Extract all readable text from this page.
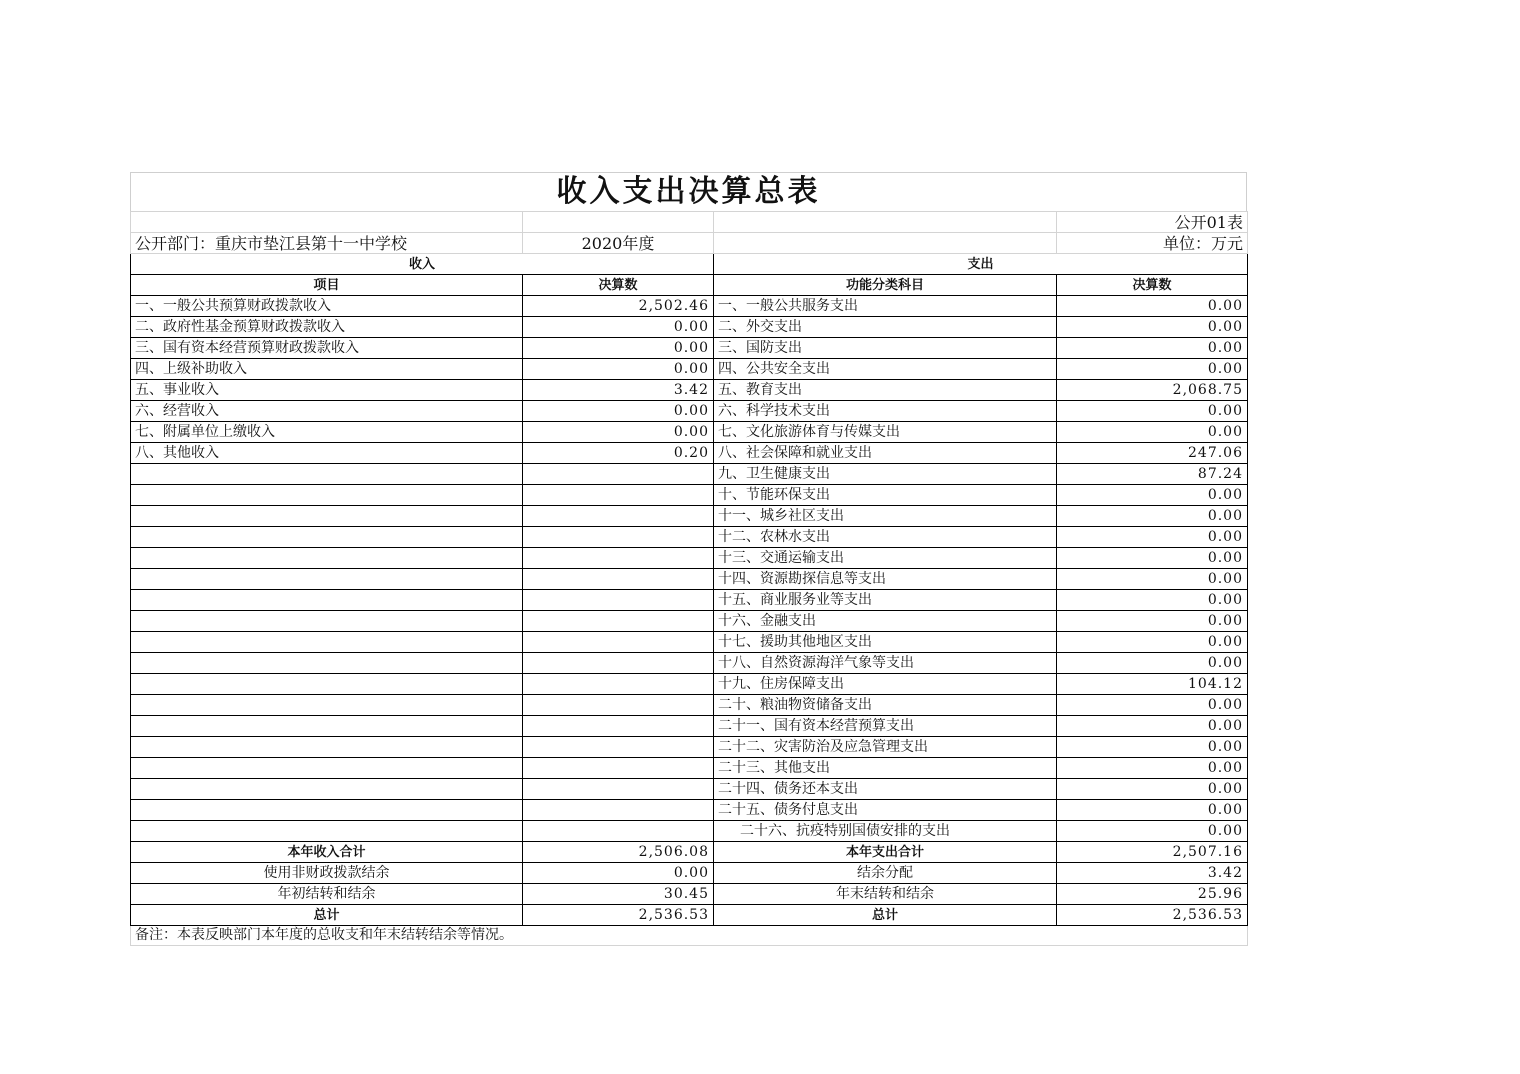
收入支出决算总表
			公开01表
公开部门：重庆市垫江县第十一中学校	2020年度		单位：万元
收入		支出	
项目	决算数	功能分类科目	决算数
一、一般公共预算财政拨款收入	2,502.46	一、一般公共服务支出	0.00
二、政府性基金预算财政拨款收入	0.00	二、外交支出	0.00
三、国有资本经营预算财政拨款收入	0.00	三、国防支出	0.00
四、上级补助收入	0.00	四、公共安全支出	0.00
五、事业收入	3.42	五、教育支出	2,068.75
六、经营收入	0.00	六、科学技术支出	0.00
七、附属单位上缴收入	0.00	七、文化旅游体育与传媒支出	0.00
八、其他收入	0.20	八、社会保障和就业支出	247.06
		九、卫生健康支出	87.24
		十、节能环保支出	0.00
		十一、城乡社区支出	0.00
		十二、农林水支出	0.00
		十三、交通运输支出	0.00
		十四、资源勘探信息等支出	0.00
		十五、商业服务业等支出	0.00
		十六、金融支出	0.00
		十七、援助其他地区支出	0.00
		十八、自然资源海洋气象等支出	0.00
		十九、住房保障支出	104.12
		二十、粮油物资储备支出	0.00
		二十一、国有资本经营预算支出	0.00
		二十二、灾害防治及应急管理支出	0.00
		二十三、其他支出	0.00
		二十四、债务还本支出	0.00
		二十五、债务付息支出	0.00
		二十六、抗疫特别国债安排的支出	0.00
本年收入合计	2,506.08	本年支出合计	2,507.16
使用非财政拨款结余	0.00	结余分配	3.42
年初结转和结余	30.45	年末结转和结余	25.96
总计	2,536.53	总计	2,536.53
备注：本表反映部门本年度的总收支和年末结转结余等情况。			
